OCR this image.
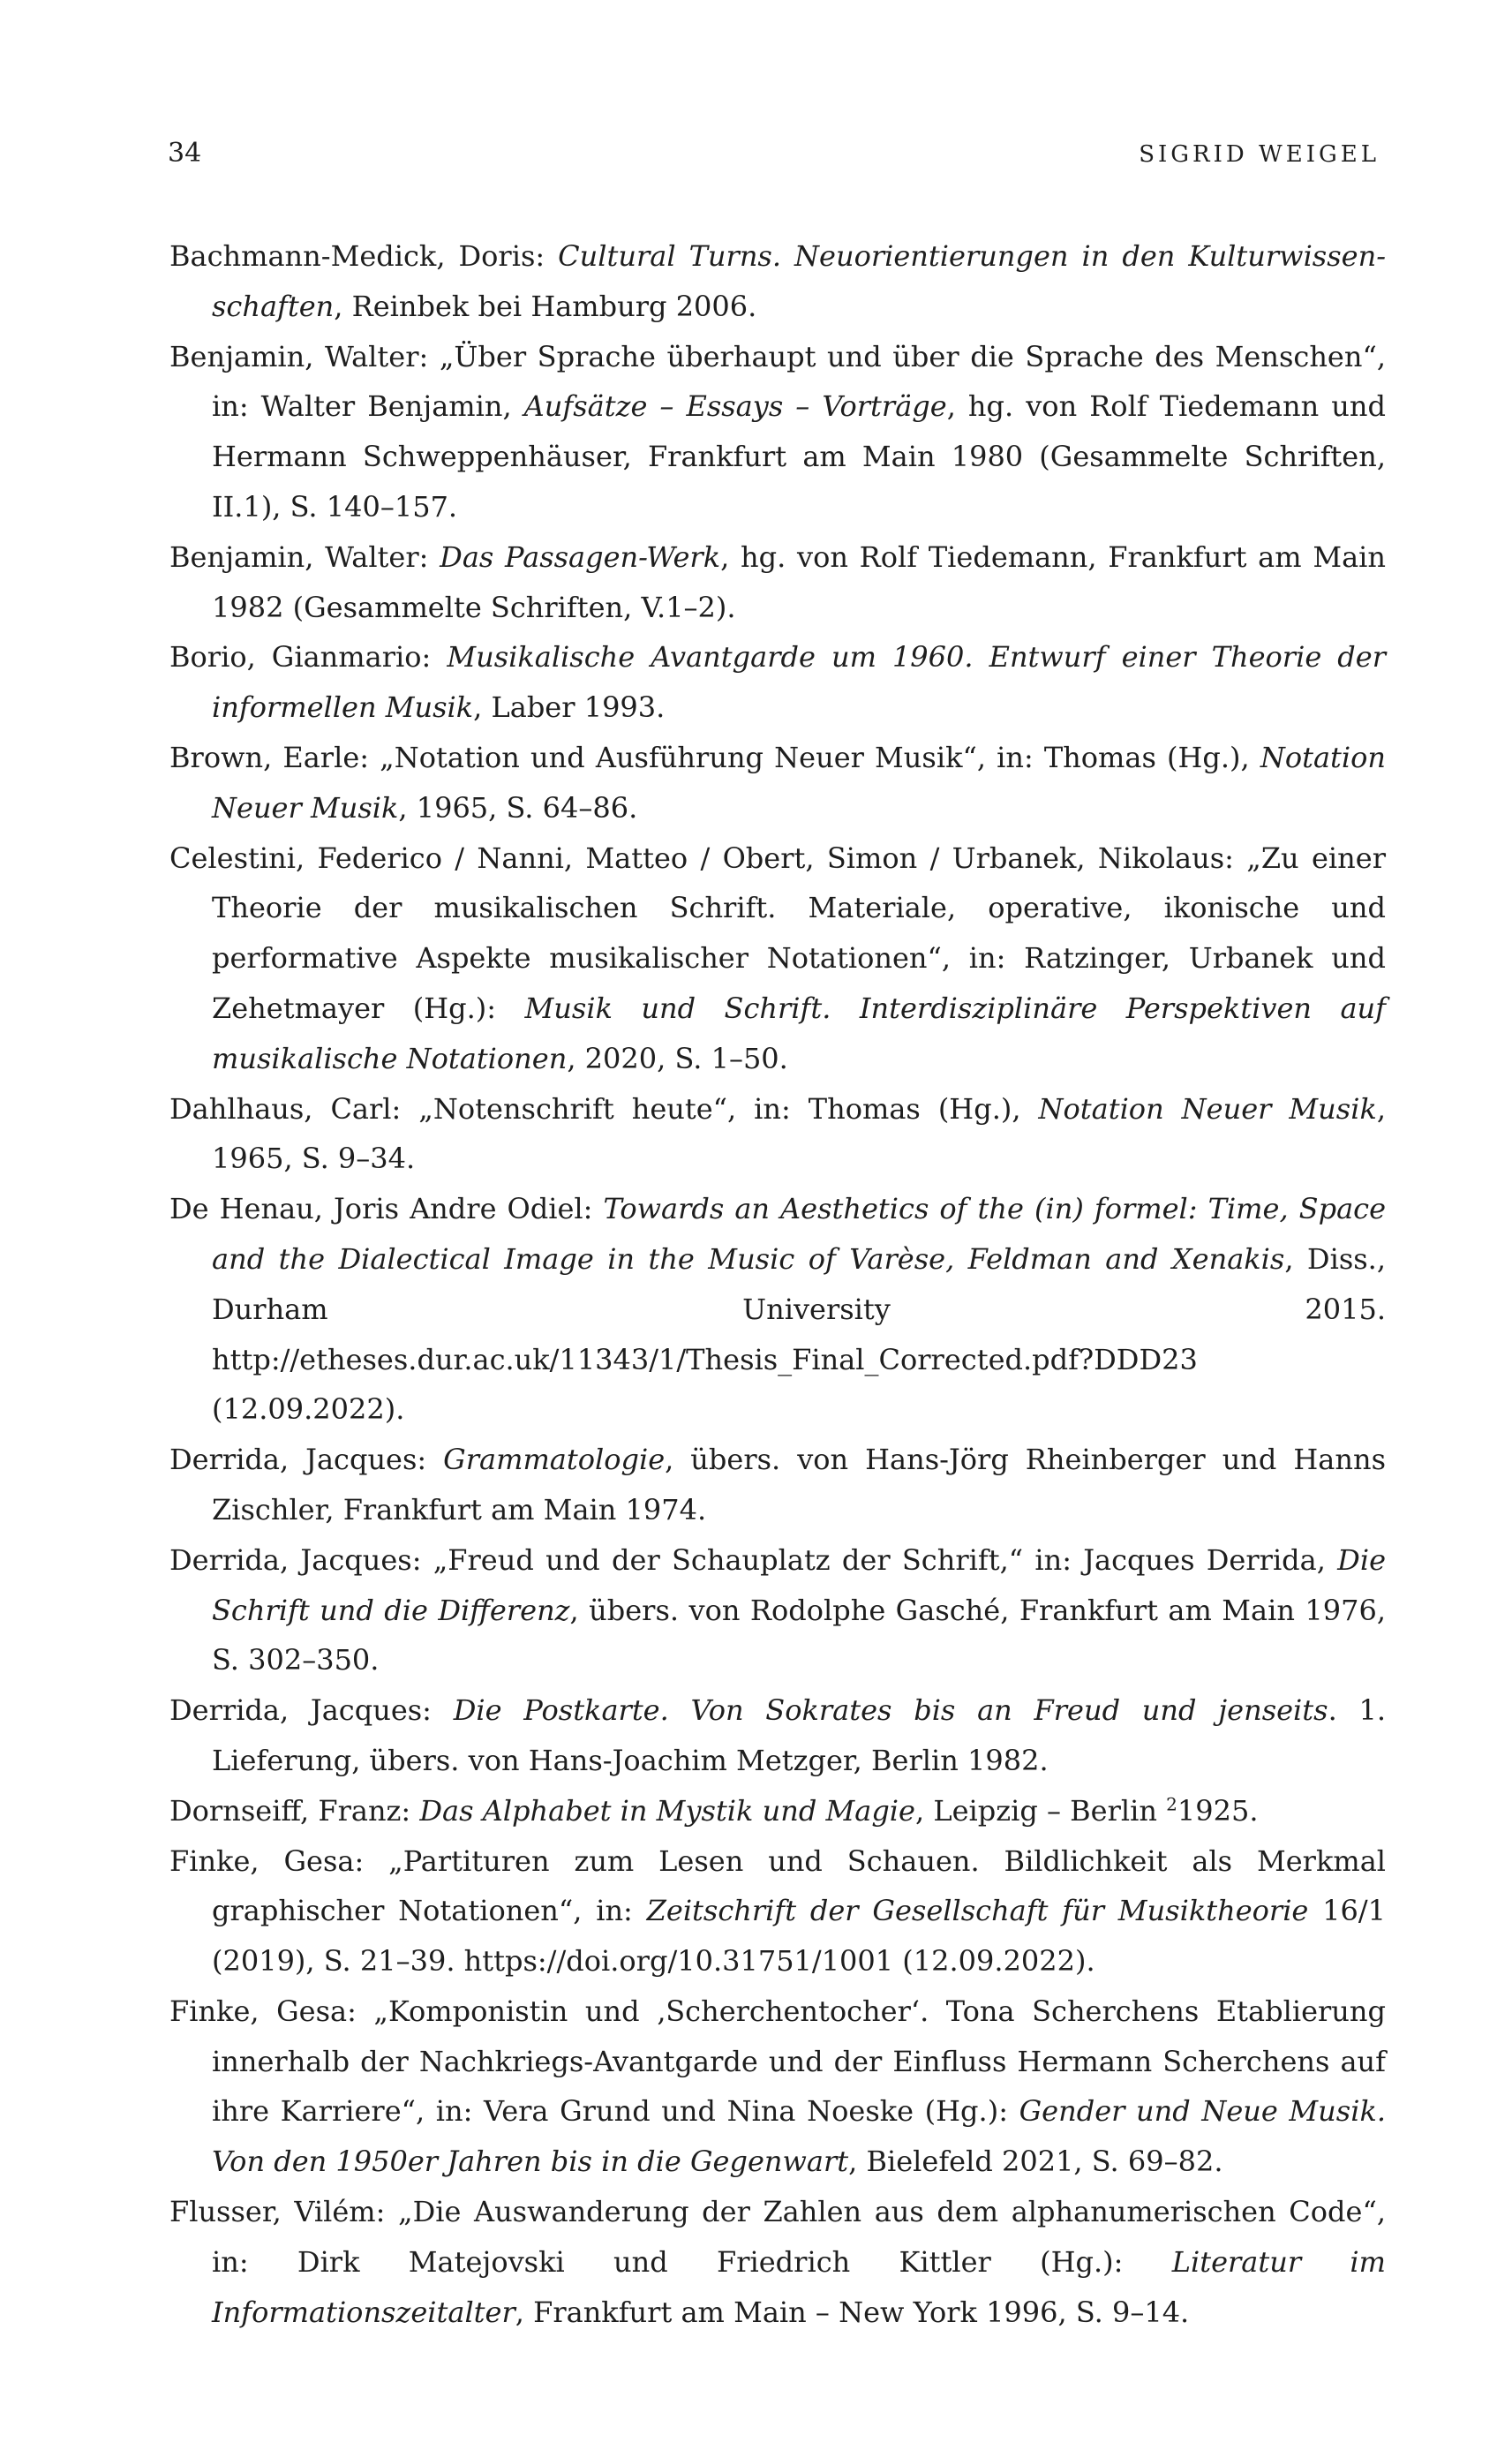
34	SIGRID WEIGEL

Bachmann-Medick, Doris: Cultural Turns. Neuorientierungen in den Kulturwissenschaften, Reinbek bei Hamburg 2006.

Benjamin, Walter: „Über Sprache überhaupt und über die Sprache des Menschen“, in: Walter Benjamin, Aufsätze – Essays – Vorträge, hg. von Rolf Tiedemann und Hermann Schweppenhäuser, Frankfurt am Main 1980 (Gesammelte Schriften, II.1), S. 140–157.

Benjamin, Walter: Das Passagen-Werk, hg. von Rolf Tiedemann, Frankfurt am Main 1982 (Gesammelte Schriften, V.1–2).

Borio, Gianmario: Musikalische Avantgarde um 1960. Entwurf einer Theorie der informellen Musik, Laber 1993.

Brown, Earle: „Notation und Ausführung Neuer Musik“, in: Thomas (Hg.), Notation Neuer Musik, 1965, S. 64–86.

Celestini, Federico / Nanni, Matteo / Obert, Simon / Urbanek, Nikolaus: „Zu einer Theorie der musikalischen Schrift. Materiale, operative, ikonische und performative Aspekte musikalischer Notationen“, in: Ratzinger, Urbanek und Zehetmayer (Hg.): Musik und Schrift. Interdisziplinäre Perspektiven auf musikalische Notationen, 2020, S. 1–50.

Dahlhaus, Carl: „Notenschrift heute“, in: Thomas (Hg.), Notation Neuer Musik, 1965, S. 9–34.

De Henau, Joris Andre Odiel: Towards an Aesthetics of the (in) formel: Time, Space and the Dialectical Image in the Music of Varèse, Feldman and Xenakis, Diss., Durham University 2015. http://etheses.dur.ac.uk/11343/1/Thesis_Final_Corrected.pdf?DDD23 (12.09.2022).

Derrida, Jacques: Grammatologie, übers. von Hans-Jörg Rheinberger und Hanns Zischler, Frankfurt am Main 1974.

Derrida, Jacques: „Freud und der Schauplatz der Schrift,“ in: Jacques Derrida, Die Schrift und die Differenz, übers. von Rodolphe Gasché, Frankfurt am Main 1976, S. 302–350.

Derrida, Jacques: Die Postkarte. Von Sokrates bis an Freud und jenseits. 1. Lieferung, übers. von Hans-Joachim Metzger, Berlin 1982.

Dornseiff, Franz: Das Alphabet in Mystik und Magie, Leipzig – Berlin $^2$1925.

Finke, Gesa: „Partituren zum Lesen und Schauen. Bildlichkeit als Merkmal graphischer Notationen“, in: Zeitschrift der Gesellschaft für Musiktheorie 16/1 (2019), S. 21–39. https://doi.org/10.31751/1001 (12.09.2022).

Finke, Gesa: „Komponistin und ‚Scherchentocher‘. Tona Scherchens Etablierung innerhalb der Nachkriegs-Avantgarde und der Einfluss Hermann Scherchens auf ihre Karriere“, in: Vera Grund und Nina Noeske (Hg.): Gender und Neue Musik. Von den 1950er Jahren bis in die Gegenwart, Bielefeld 2021, S. 69–82.

Flusser, Vilém: „Die Auswanderung der Zahlen aus dem alphanumerischen Code“, in: Dirk Matejovski und Friedrich Kittler (Hg.): Literatur im Informationszeitalter, Frankfurt am Main – New York 1996, S. 9–14.
